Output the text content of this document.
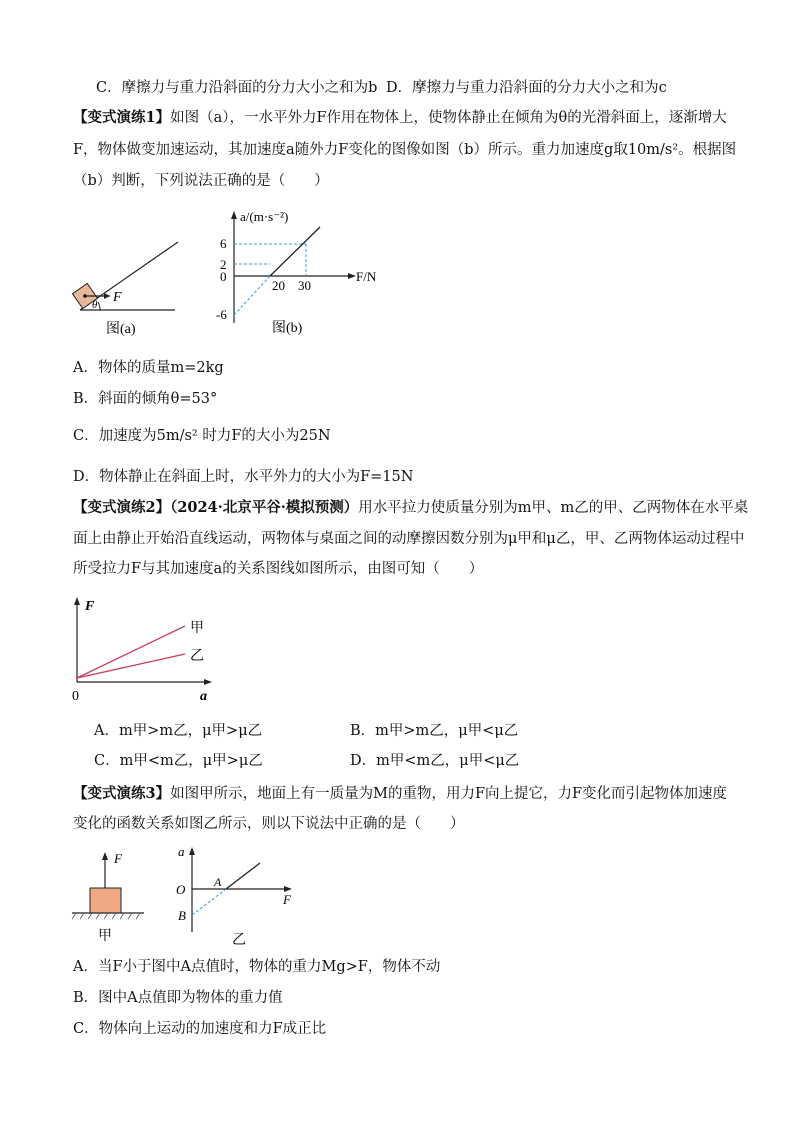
C．摩擦力与重力沿斜面的分力大小之和为b D．摩擦力与重力沿斜面的分力大小之和为c
【变式演练1】如图（a），一水平外力F作用在物体上，使物体静止在倾角为θ的光滑斜面上，逐渐增大
F，物体做变加速运动，其加速度a随外力F变化的图像如图（b）所示。重力加速度g取10m/s²。根据图
（b）判断，下列说法正确的是（　　）
F
θ
图(a)
a/(m·s⁻²)
F/N
6
2
0
-6
20 30
图(b)
A．物体的质量m=2kg
B．斜面的倾角θ=53°
C．加速度为5m/s² 时力F的大小为25N
D．物体静止在斜面上时，水平外力的大小为F=15N
【变式演练2】（2024·北京平谷·模拟预测）用水平拉力使质量分别为m甲、m乙的甲、乙两物体在水平桌
面上由静止开始沿直线运动，两物体与桌面之间的动摩擦因数分别为μ甲和μ乙，甲、乙两物体运动过程中
所受拉力F与其加速度a的关系图线如图所示，由图可知（　　）
F
a
0
甲
乙
A．m甲>m乙，μ甲>μ乙	B．m甲>m乙，μ甲<μ乙
C．m甲<m乙，μ甲>μ乙	D．m甲<m乙，μ甲<μ乙
【变式演练3】如图甲所示，地面上有一质量为M的重物，用力F向上提它，力F变化而引起物体加速度
变化的函数关系如图乙所示，则以下说法中正确的是（　　）
F
甲
a
F
O A
B
乙
A．当F小于图中A点值时，物体的重力Mg>F，物体不动
B．图中A点值即为物体的重力值
C．物体向上运动的加速度和力F成正比
